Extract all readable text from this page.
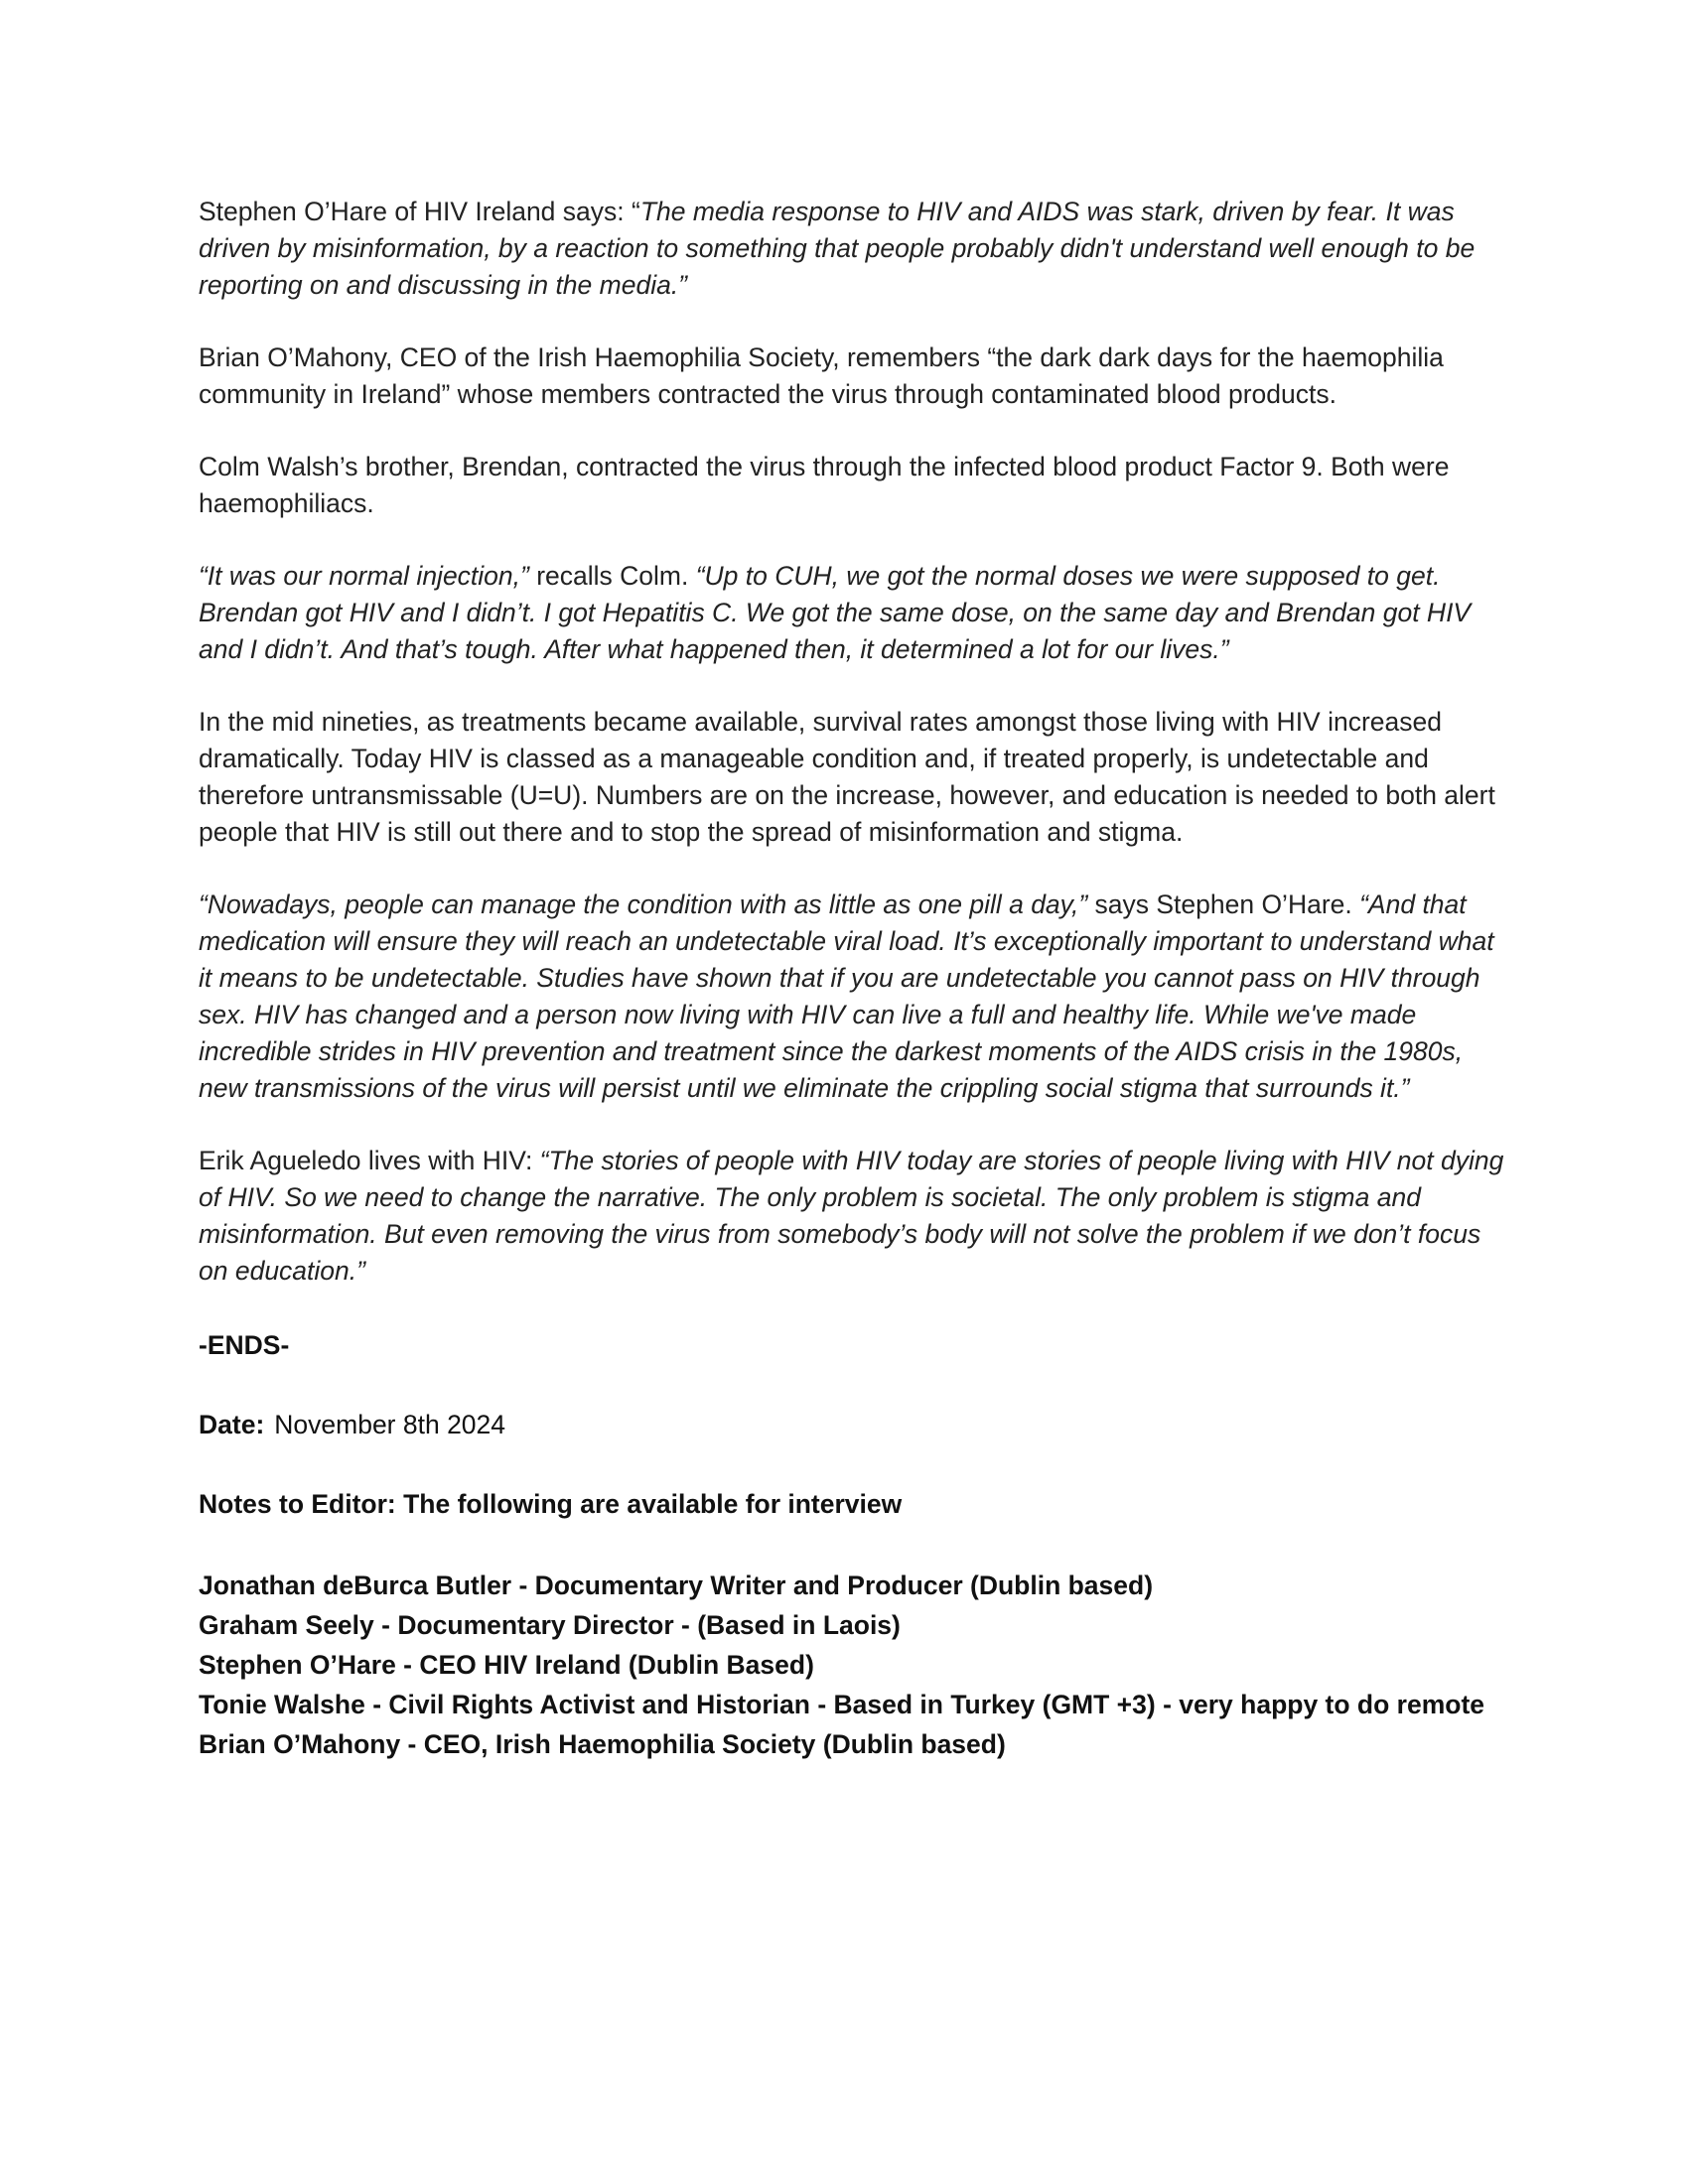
Stephen O’Hare of HIV Ireland says: “The media response to HIV and AIDS was stark, driven by fear. It was driven by misinformation, by a reaction to something that people probably didn't understand well enough to be reporting on and discussing in the media.”

Brian O’Mahony, CEO of the Irish Haemophilia Society, remembers “the dark dark days for the haemophilia community in Ireland” whose members contracted the virus through contaminated blood products.

Colm Walsh’s brother, Brendan, contracted the virus through the infected blood product Factor 9. Both were haemophiliacs.

“It was our normal injection,” recalls Colm. “Up to CUH, we got the normal doses we were supposed to get. Brendan got HIV and I didn’t. I got Hepatitis C. We got the same dose, on the same day and Brendan got HIV and I didn’t. And that’s tough. After what happened then, it determined a lot for our lives.”

In the mid nineties, as treatments became available, survival rates amongst those living with HIV increased dramatically. Today HIV is classed as a manageable condition and, if treated properly, is undetectable and therefore untransmissable (U=U). Numbers are on the increase, however, and education is needed to both alert people that HIV is still out there and to stop the spread of misinformation and stigma.

“Nowadays, people can manage the condition with as little as one pill a day,” says Stephen O’Hare. “And that medication will ensure they will reach an undetectable viral load. It’s exceptionally important to understand what it means to be undetectable. Studies have shown that if you are undetectable you cannot pass on HIV through sex. HIV has changed and a person now living with HIV can live a full and healthy life. While we've made incredible strides in HIV prevention and treatment since the darkest moments of the AIDS crisis in the 1980s, new transmissions of the virus will persist until we eliminate the crippling social stigma that surrounds it.”

Erik Agueledo lives with HIV: “The stories of people with HIV today are stories of people living with HIV not dying of HIV. So we need to change the narrative. The only problem is societal. The only problem is stigma and misinformation. But even removing the virus from somebody’s body will not solve the problem if we don’t focus on education.”

-ENDS-
Date: November 8th 2024
Notes to Editor: The following are available for interview
Jonathan deBurca Butler - Documentary Writer and Producer (Dublin based)
Graham Seely - Documentary Director - (Based in Laois)
Stephen O’Hare - CEO HIV Ireland (Dublin Based)
Tonie Walshe - Civil Rights Activist and Historian - Based in Turkey (GMT +3) - very happy to do remote
Brian O’Mahony - CEO, Irish Haemophilia Society (Dublin based)
